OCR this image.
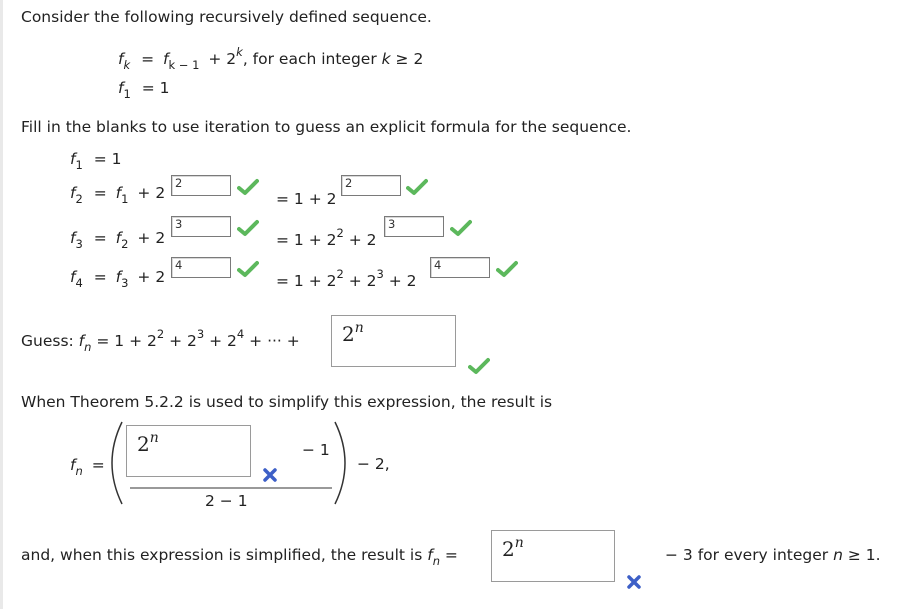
Consider the following recursively defined sequence.
$f_k = f_{k - 1} + 2^k$, for each integer k ≥ 2
$f_1 = 1$
Fill in the blanks to use iteration to guess an explicit formula for the sequence.
$f_1 = 1$
$f_2 = f_1 + 2$
2
= 1 + 2
2
$f_3 = f_2 + 2$
3
= $1 + 2^2 + 2$
3
$f_4 = f_3 + 2$
4
= $1 + 2^2 + 2^3 + 2$
4
Guess: $f_n = 1 + 2^2 + 2^3 + 2^4$ + ··· + $2^n$
When Theorem 5.2.2 is used to simplify this expression, the result is
$f_n$ =
$2^n$
− 1
2 − 1
− 2,
and, when this expression is simplified, the result is $f_n = 2^n$
− 3 for every integer n ≥ 1.
